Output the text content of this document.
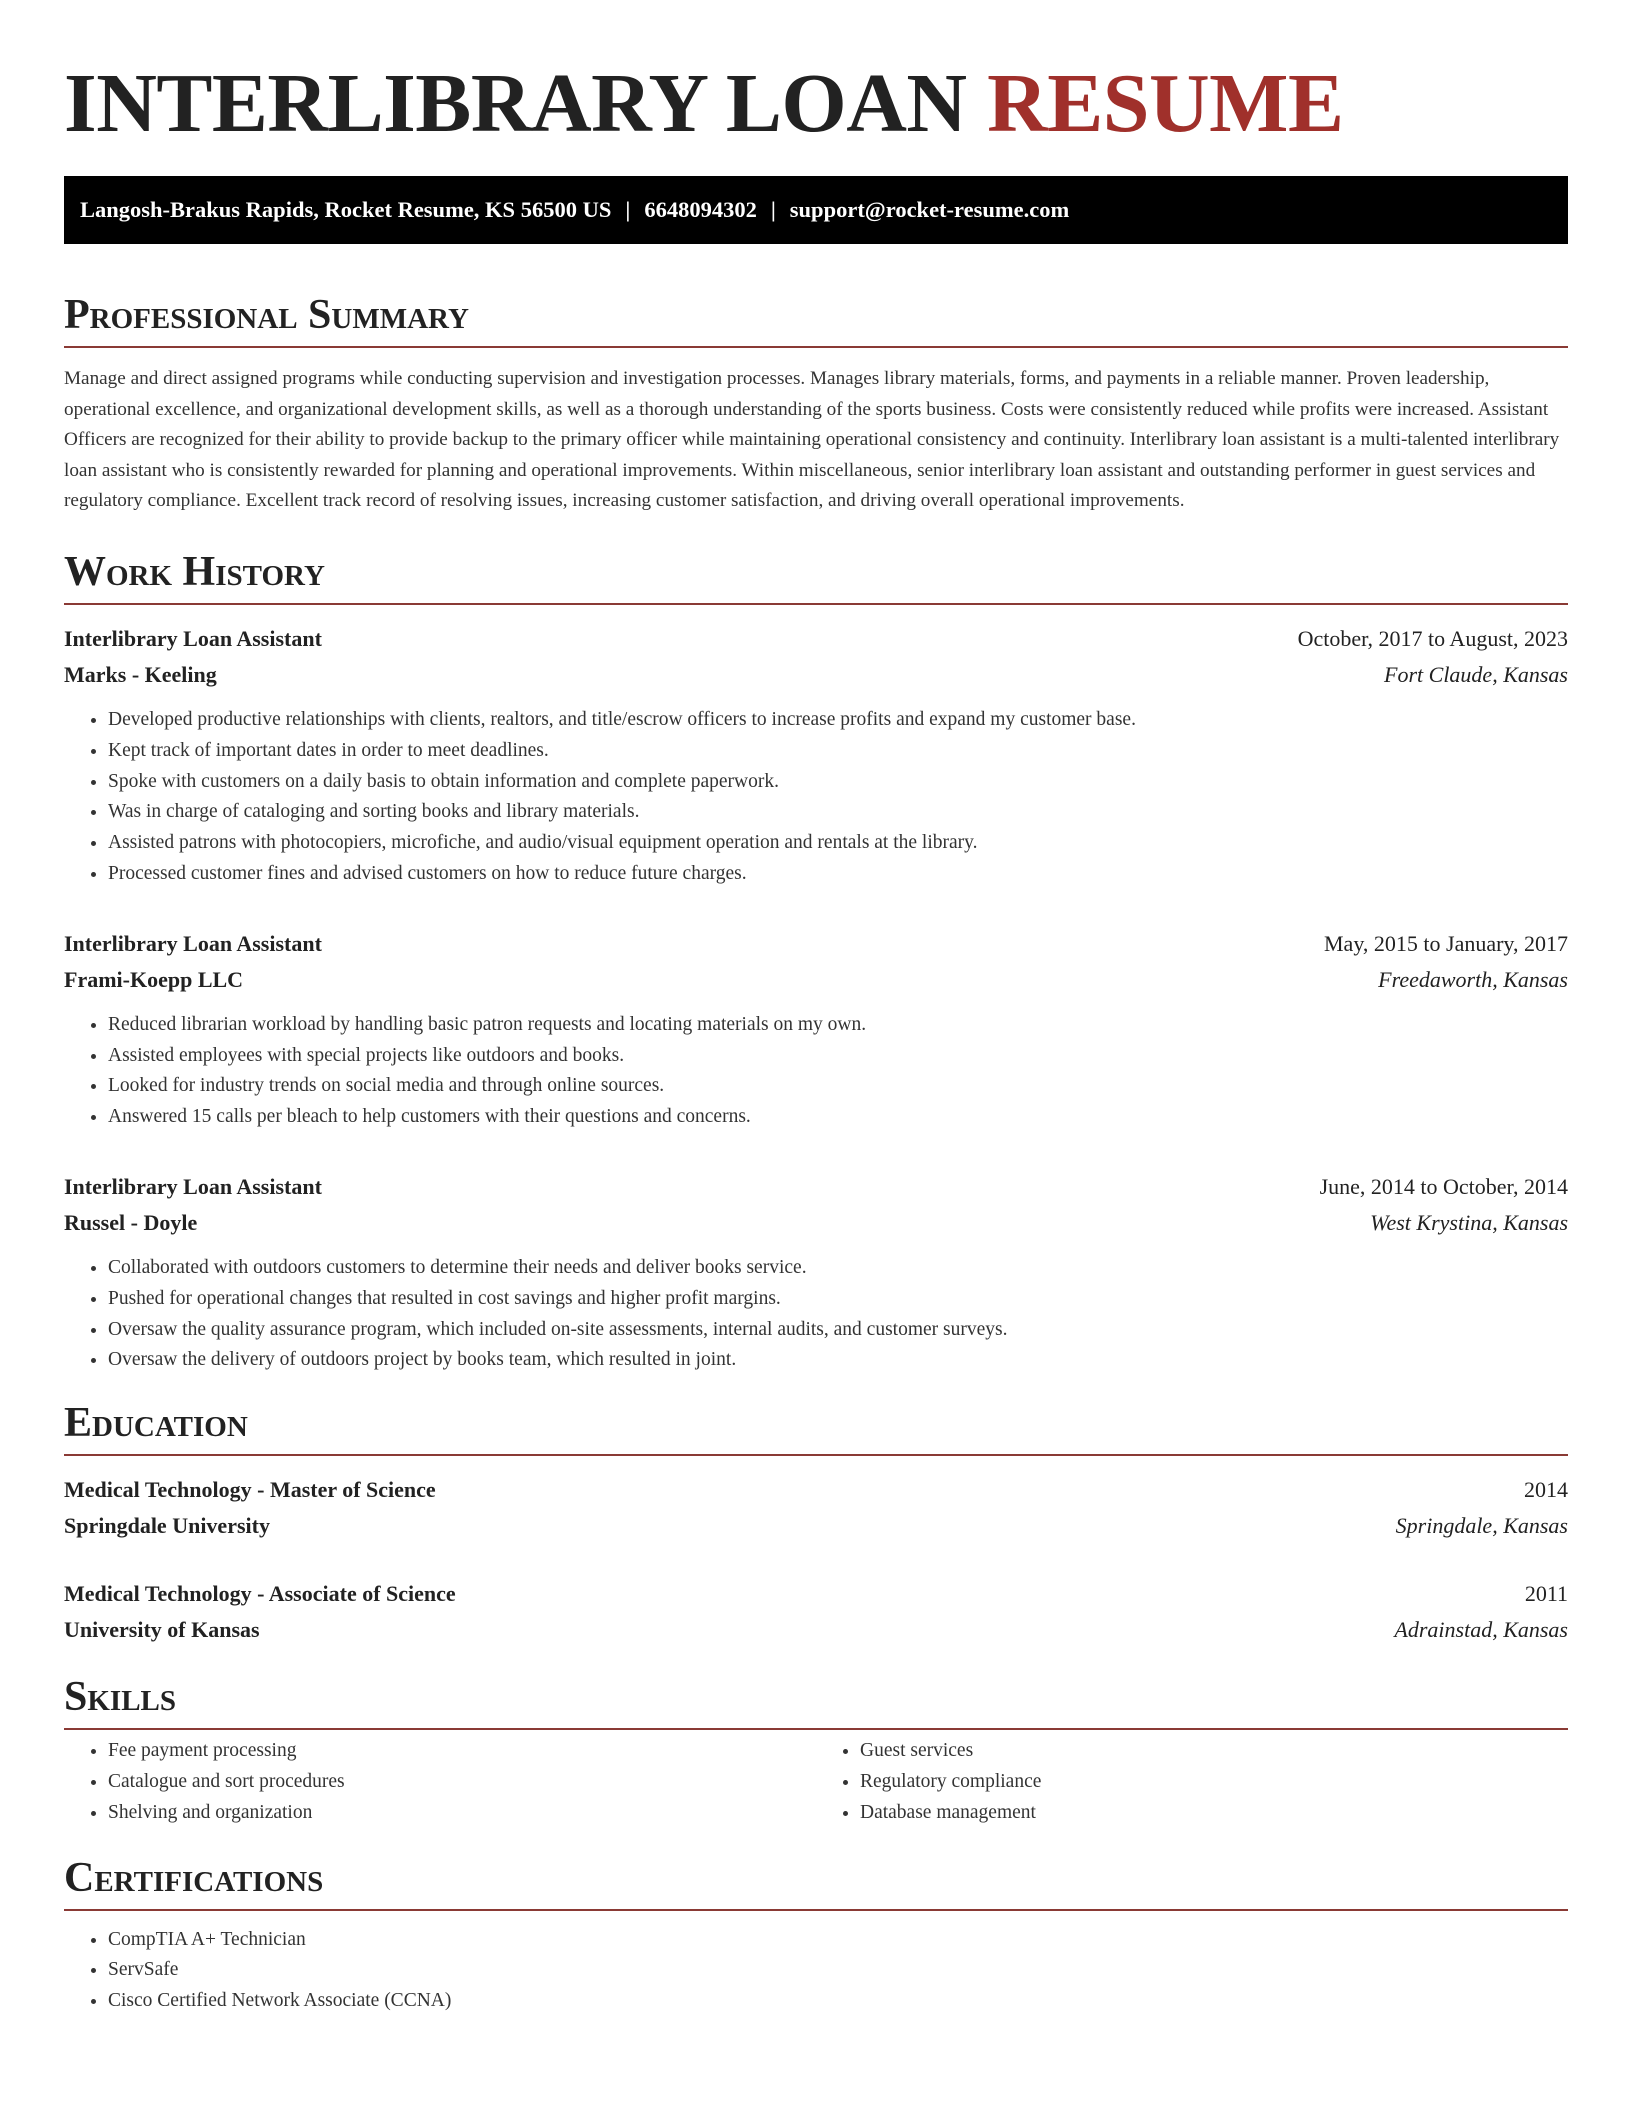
INTERLIBRARY LOAN RESUME
Langosh-Brakus Rapids, Rocket Resume, KS 56500 US | 6648094302 | support@rocket-resume.com
Professional Summary

Manage and direct assigned programs while conducting supervision and investigation processes. Manages library materials, forms, and payments in a reliable manner. Proven leadership, operational excellence, and organizational development skills, as well as a thorough understanding of the sports business. Costs were consistently reduced while profits were increased. Assistant Officers are recognized for their ability to provide backup to the primary officer while maintaining operational consistency and continuity. Interlibrary loan assistant is a multi-talented interlibrary loan assistant who is consistently rewarded for planning and operational improvements. Within miscellaneous, senior interlibrary loan assistant and outstanding performer in guest services and regulatory compliance. Excellent track record of resolving issues, increasing customer satisfaction, and driving overall operational improvements.

Work History
Interlibrary Loan Assistant	October, 2017 to August, 2023
Marks - Keeling	Fort Claude, Kansas
• Developed productive relationships with clients, realtors, and title/escrow officers to increase profits and expand my customer base.
• Kept track of important dates in order to meet deadlines.
• Spoke with customers on a daily basis to obtain information and complete paperwork.
• Was in charge of cataloging and sorting books and library materials.
• Assisted patrons with photocopiers, microfiche, and audio/visual equipment operation and rentals at the library.
• Processed customer fines and advised customers on how to reduce future charges.
Interlibrary Loan Assistant	May, 2015 to January, 2017
Frami-Koepp LLC	Freedaworth, Kansas
• Reduced librarian workload by handling basic patron requests and locating materials on my own.
• Assisted employees with special projects like outdoors and books.
• Looked for industry trends on social media and through online sources.
• Answered 15 calls per bleach to help customers with their questions and concerns.
Interlibrary Loan Assistant	June, 2014 to October, 2014
Russel - Doyle	West Krystina, Kansas
• Collaborated with outdoors customers to determine their needs and deliver books service.
• Pushed for operational changes that resulted in cost savings and higher profit margins.
• Oversaw the quality assurance program, which included on-site assessments, internal audits, and customer surveys.
• Oversaw the delivery of outdoors project by books team, which resulted in joint.
Education
Medical Technology - Master of Science	2014
Springdale University	Springdale, Kansas
Medical Technology - Associate of Science	2011
University of Kansas	Adrainstad, Kansas
Skills
• Fee payment processing
• Catalogue and sort procedures
• Shelving and organization
• Guest services
• Regulatory compliance
• Database management
Certifications
• CompTIA A+ Technician
• ServSafe
• Cisco Certified Network Associate (CCNA)
